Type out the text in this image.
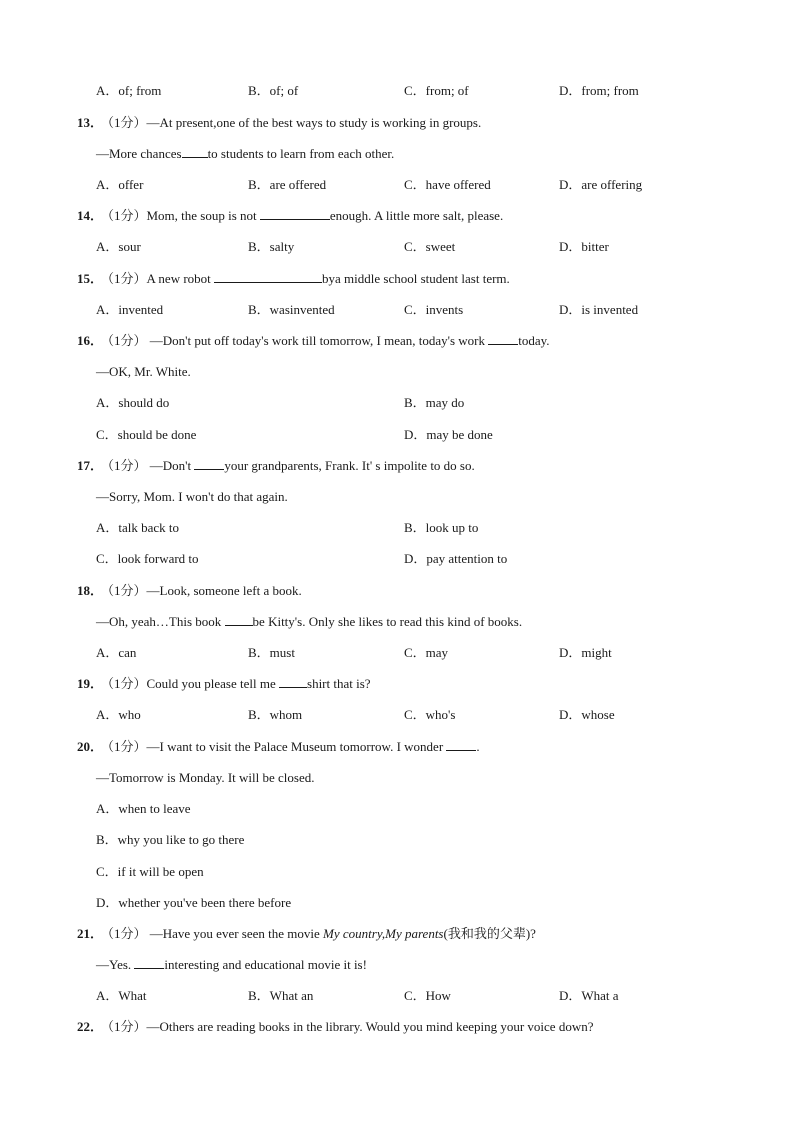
A．of; from	B．of; of	C．from; of	D．from; from
13．
（1分）—At present,one of the best ways to study is working in groups.
—More chances to students to learn from each other.
A．offer	B．are offered	C．have offered	D．are offering
14．
（1分）Mom, the soup is not	enough. A little more salt, please.
A．sour	B．salty	C．sweet	D．bitter
15．
（1分）A new robot	bya middle school student last term.
A．invented	B．wasinvented	C．invents	D．is invented
16．
（1分） —Don't put off today's work till tomorrow, I mean, today's work today.
—OK, Mr. White.
A．should do	B．may do
C．should be done	D．may be done
17．
（1分） —Don't your grandparents, Frank. It' s impolite to do so.
—Sorry, Mom. I won't do that again.
A．talk back to	B．look up to
C．look forward to	D．pay attention to
18．
（1分）—Look, someone left a book.
—Oh, yeah…This book be Kitty's. Only she likes to read this kind of books.
A．can	B．must	C．may	D．might
19．
（1分）Could you please tell me shirt that is?
A．who	B．whom	C．who's	D．whose
20．
（1分）—I want to visit the Palace Museum tomorrow. I wonder .
—Tomorrow is Monday. It will be closed.
A．when to leave
B．why you like to go there
C．if it will be open
D．whether you've been there before
21．
（1分） —Have you ever seen the movie My country,My parents(我和我的父辈)?
—Yes. interesting and educational movie it is!
A．What	B．What an	C．How	D．What a
22．
（1分）—Others are reading books in the library. Would you mind keeping your voice down?
